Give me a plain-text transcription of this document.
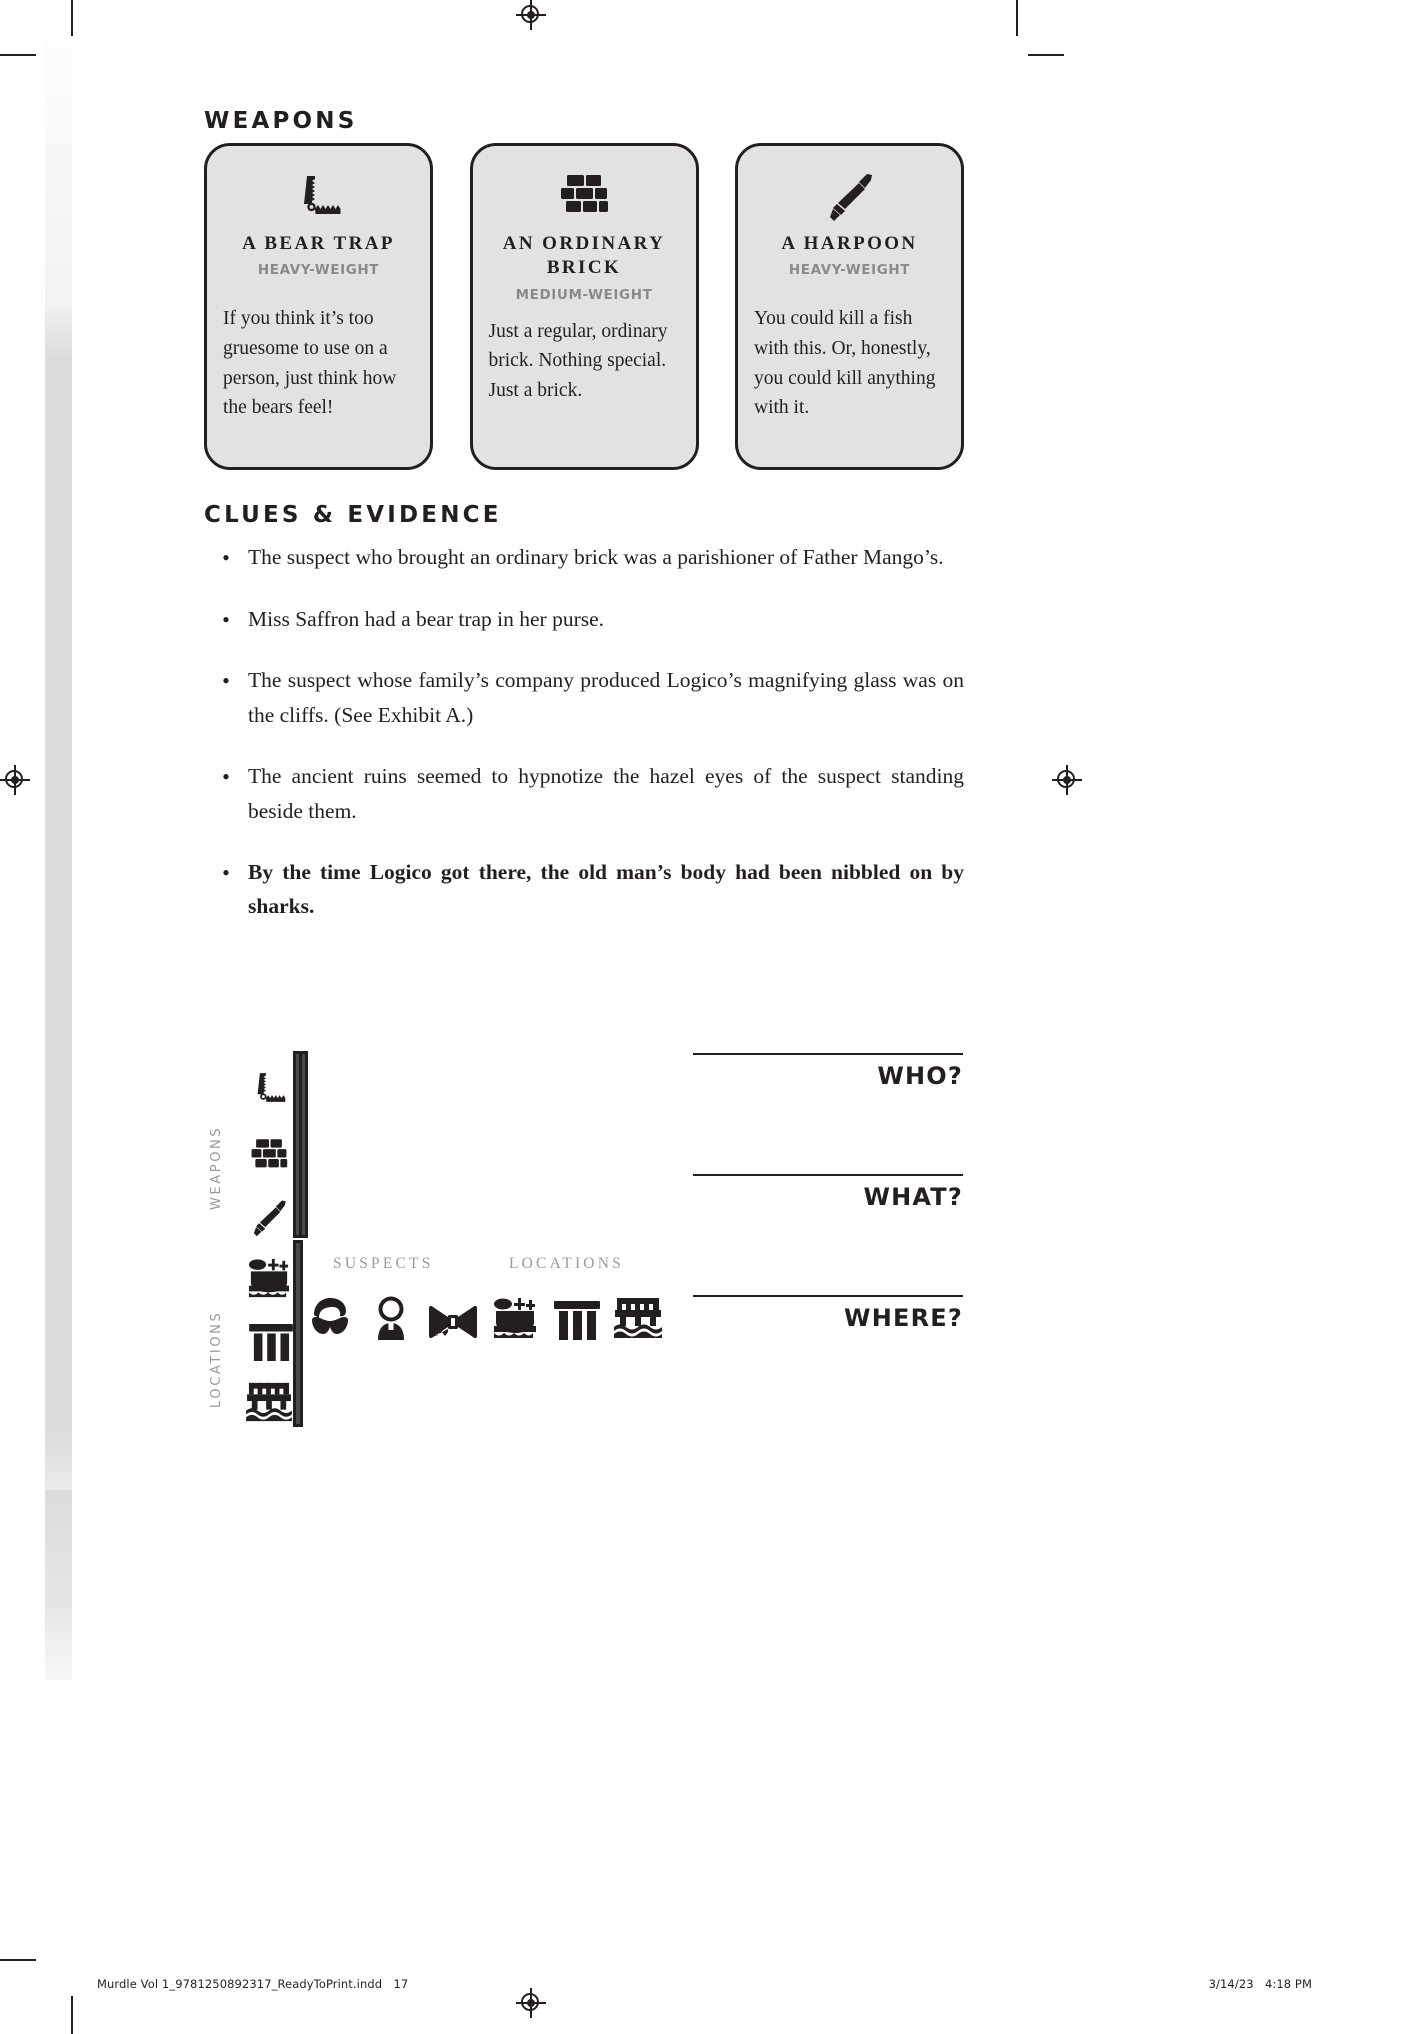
WEAPONS
A BEAR TRAP
HEAVY-WEIGHT
If you think it’s too gruesome to use on a person, just think how the bears feel!
AN ORDINARY BRICK
MEDIUM-WEIGHT
Just a regular, ordinary brick. Nothing special. Just a brick.
A HARPOON
HEAVY-WEIGHT
You could kill a fish with this. Or, honestly, you could kill anything with it.
CLUES & EVIDENCE
• The suspect who brought an ordinary brick was a parishioner of Father Mango’s.
• Miss Saffron had a bear trap in her purse.
• The suspect whose family’s company produced Logico’s magnifying glass was on the cliffs. (See Exhibit A.)
• The ancient ruins seemed to hypnotize the hazel eyes of the suspect standing beside them.
• By the time Logico got there, the old man’s body had been nibbled on by sharks.
SUSPECTS	LOCATIONS
WEAPONS
LOCATIONS

WHO?
WHAT?
WHERE?
Murdle Vol 1_9781250892317_ReadyToPrint.indd 17	3/14/23 4:18 PM
